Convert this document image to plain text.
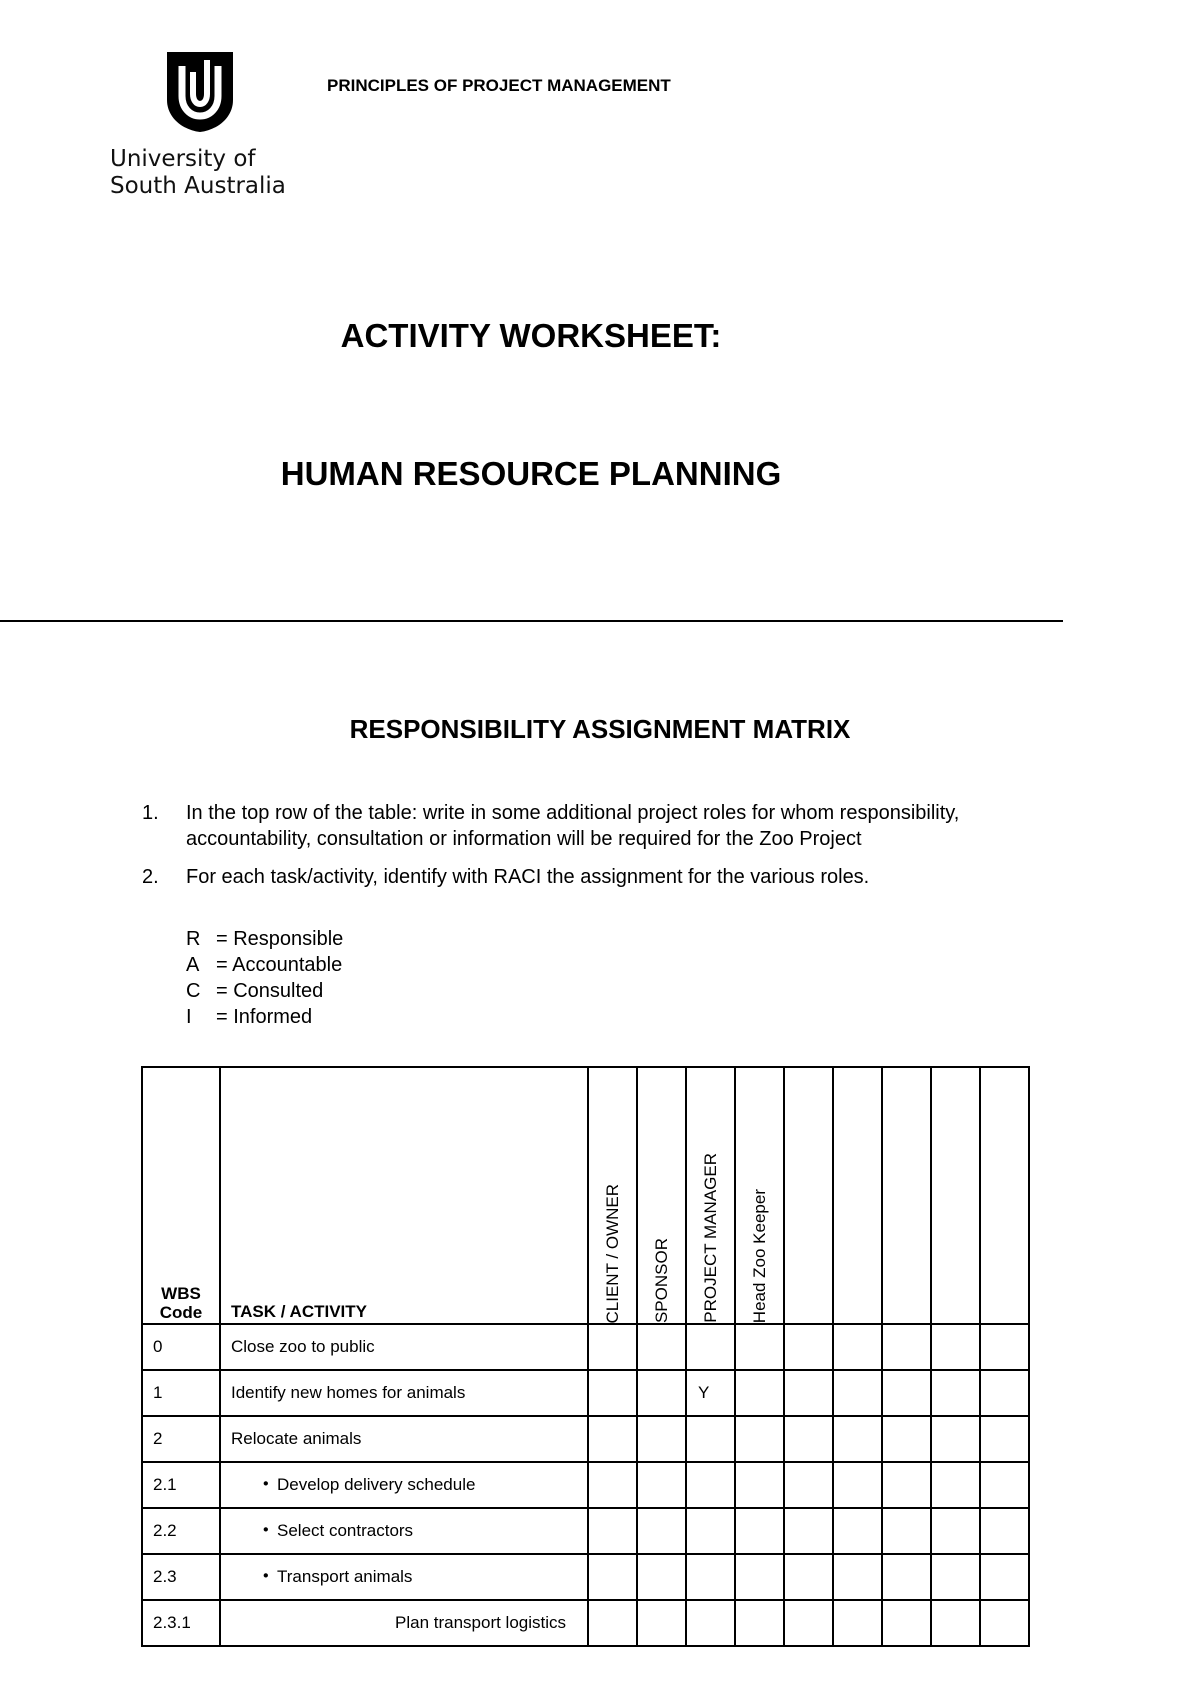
University of
South Australia
PRINCIPLES OF PROJECT MANAGEMENT
ACTIVITY WORKSHEET:
HUMAN RESOURCE PLANNING
RESPONSIBILITY ASSIGNMENT MATRIX
1. In the top row of the table: write in some additional project roles for whom responsibility, accountability, consultation or information will be required for the Zoo Project
2. For each task/activity, identify with RACI the assignment for the various roles.
R = Responsible
A = Accountable
C = Consulted
I	= Informed
WBS Code	TASK / ACTIVITY	CLIENT / OWNER	SPONSOR	PROJECT MANAGER	Head Zoo Keeper					

0	Close zoo to public									
1	Identify new homes for animals			Y						
2	Relocate animals									
2.1	• Develop delivery schedule									
2.2	• Select contractors									
2.3	• Transport animals									
2.3.1	Plan transport logistics									
